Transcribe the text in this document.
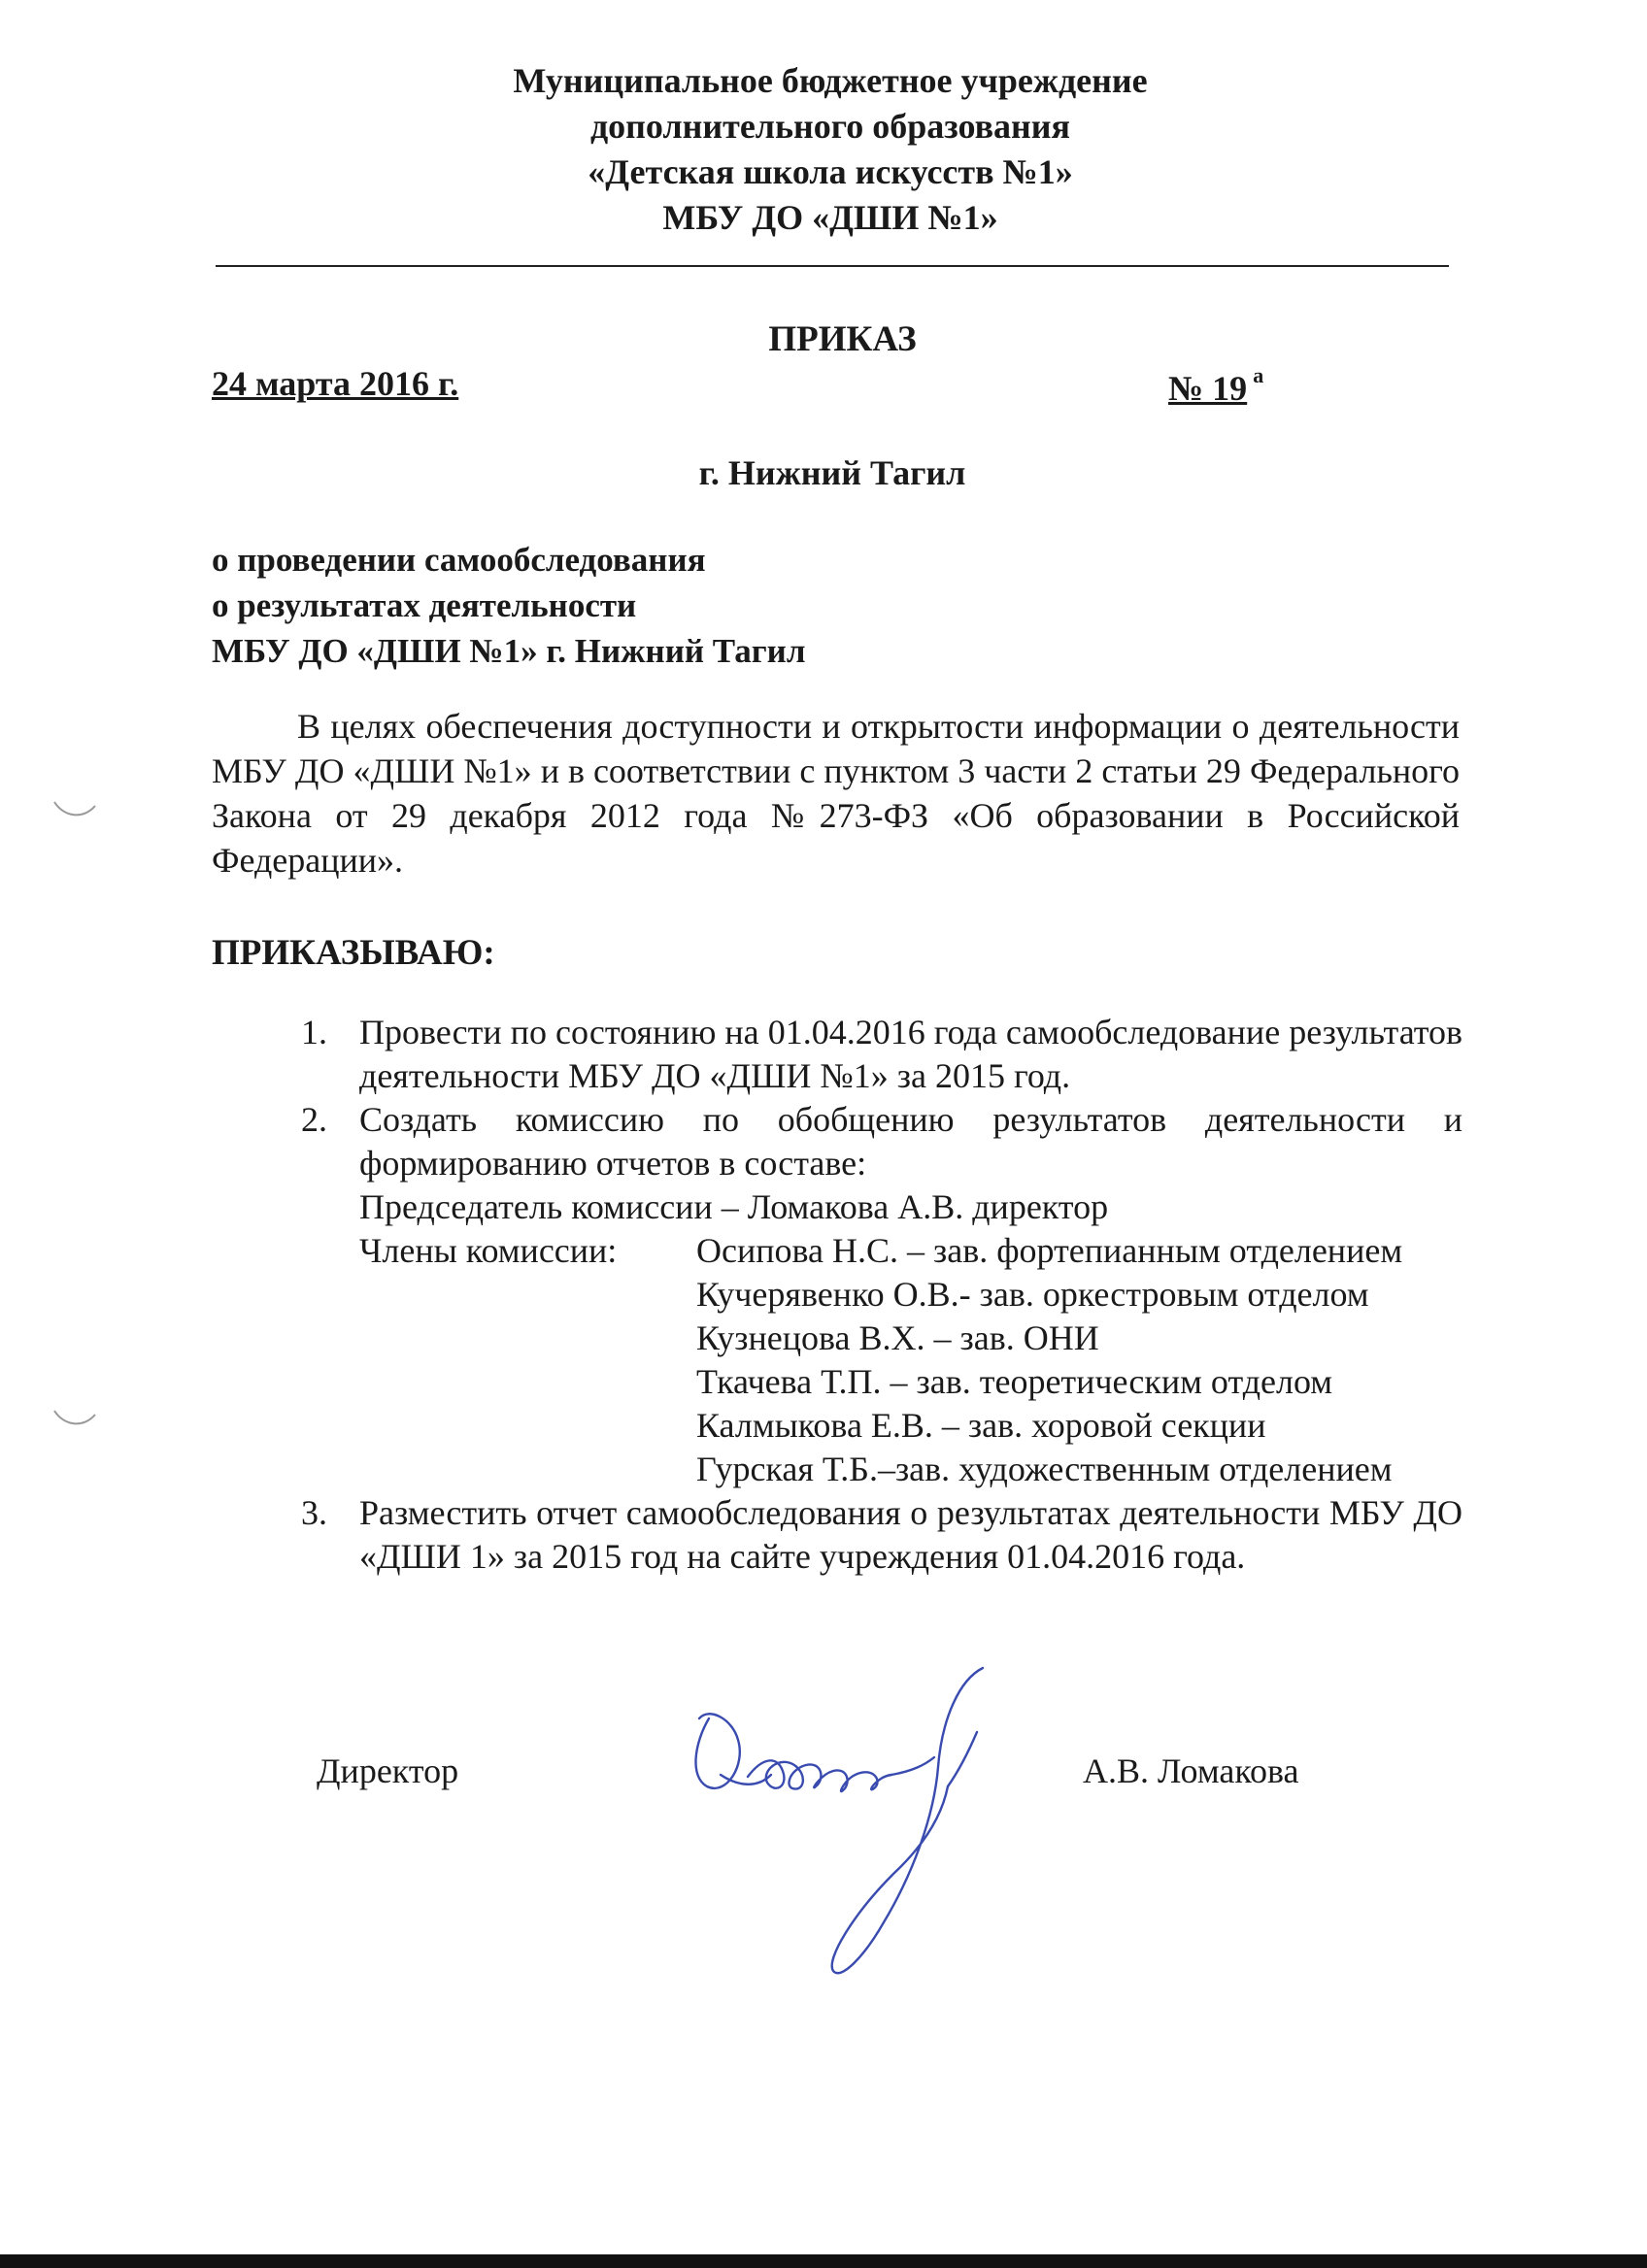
Муниципальное бюджетное учреждение
дополнительного образования
«Детская школа искусств №1»
МБУ ДО «ДШИ №1»
ПРИКАЗ
24 марта 2016 г.	№ 19 $^а$
г. Нижний Тагил
о проведении самообследования
о результатах деятельности
МБУ ДО «ДШИ №1» г. Нижний Тагил

В целях обеспечения доступности и открытости информации о деятельности МБУ ДО «ДШИ №1» и в соответствии с пунктом 3 части 2 статьи 29 Федерального Закона от 29 декабря 2012 года №273-ФЗ «Об образовании в Российской Федерации».

ПРИКАЗЫВАЮ:
1. Провести по состоянию на 01.04.2016 года самообследование результатов деятельности МБУ ДО «ДШИ №1» за 2015 год.
2. Создать комиссию по обобщению результатов деятельности и формированию отчетов в составе:
Председатель комиссии – Ломакова А.В. директор
Члены комиссии:	Осипова Н.С. – зав. фортепианным отделением
Кучерявенко О.В.- зав. оркестровым отделом
Кузнецова В.Х. – зав. ОНИ
Ткачева Т.П. – зав. теоретическим отделом
Калмыкова Е.В. – зав. хоровой секции
Гурская Т.Б.–зав. художественным отделением
3. Разместить отчет самообследования о результатах деятельности МБУ ДО «ДШИ 1» за 2015 год на сайте учреждения 01.04.2016 года.
Директор	А.В. Ломакова
